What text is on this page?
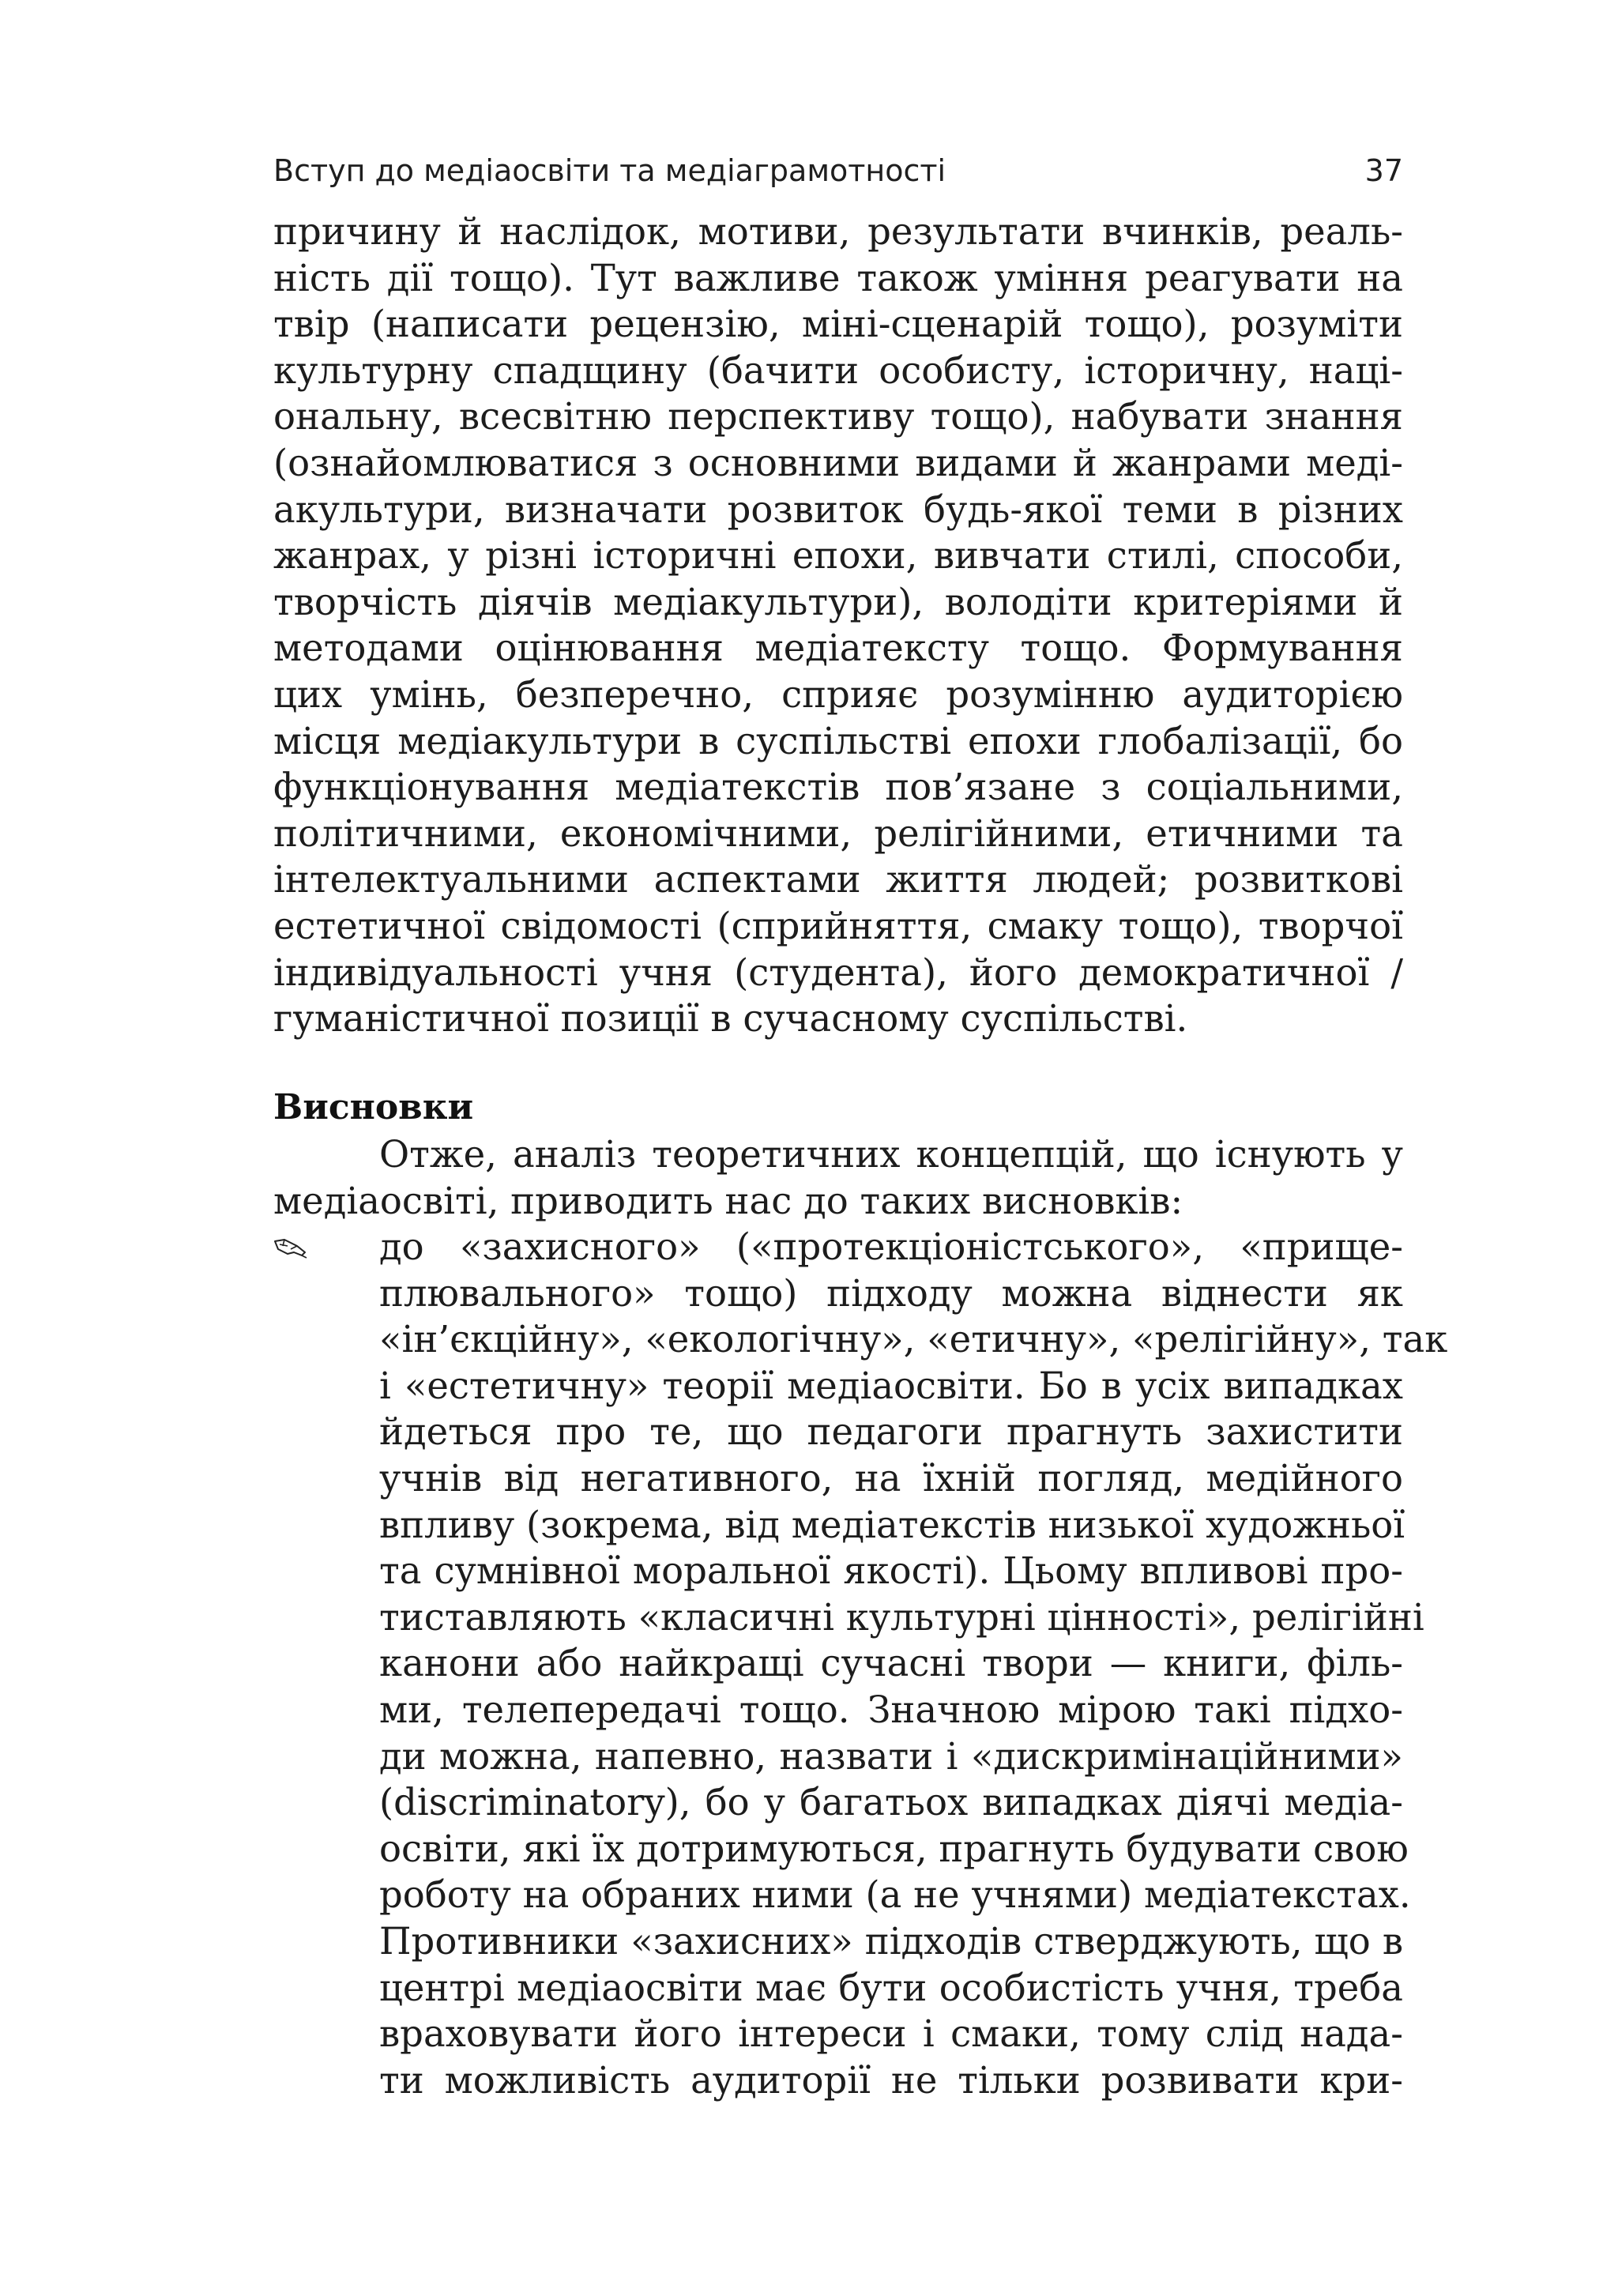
Вступ до медіаосвіти та медіаграмотності	37
причину й наслідок, мотиви, результати вчинків, реаль-
ність дії тощо). Тут важливе також уміння реагувати на
твір (написати рецензію, міні-сценарій тощо), розуміти
культурну спадщину (бачити особисту, історичну, наці-
ональну, всесвітню перспективу тощо), набувати знання
(ознайомлюватися з основними видами й жанрами меді-
акультури, визначати розвиток будь-якої теми в різних
жанрах, у різні історичні епохи, вивчати стилі, способи,
творчість діячів медіакультури), володіти критеріями й
методами оцінювання медіатексту тощо. Формування
цих умінь, безперечно, сприяє розумінню аудиторією
місця медіакультури в суспільстві епохи глобалізації, бо
функціонування медіатекстів пов’язане з соціальними,
політичними, економічними, релігійними, етичними та
інтелектуальними аспектами життя людей; розвиткові
естетичної свідомості (сприйняття, смаку тощо), творчої
індивідуальності учня (студента), його демократичної /
гуманістичної позиції в сучасному суспільстві.
Висновки
Отже, аналіз теоретичних концепцій, що існують у
медіаосвіті, приводить нас до таких висновків:
до «захисного» («протекціоністського», «прище-
плювального» тощо) підходу можна віднести як
«ін’єкційну», «екологічну», «етичну», «релігійну», так
і «естетичну» теорії медіаосвіти. Бо в усіх випадках
йдеться про те, що педагоги прагнуть захистити
учнів від негативного, на їхній погляд, медійного
впливу (зокрема, від медіатекстів низької художньої
та сумнівної моральної якості). Цьому впливові про-
тиставляють «класичні культурні цінності», релігійні
канони або найкращі сучасні твори — книги, філь-
ми, телепередачі тощо. Значною мірою такі підхо-
ди можна, напевно, назвати і «дискримінаційними»
(discriminatory), бо у багатьох випадках діячі медіа-
освіти, які їх дотримуються, прагнуть будувати свою
роботу на обраних ними (а не учнями) медіатекстах.
Противники «захисних» підходів стверджують, що в
центрі медіаосвіти має бути особистість учня, треба
враховувати його інтереси і смаки, тому слід нада-
ти можливість аудиторії не тільки розвивати кри-
